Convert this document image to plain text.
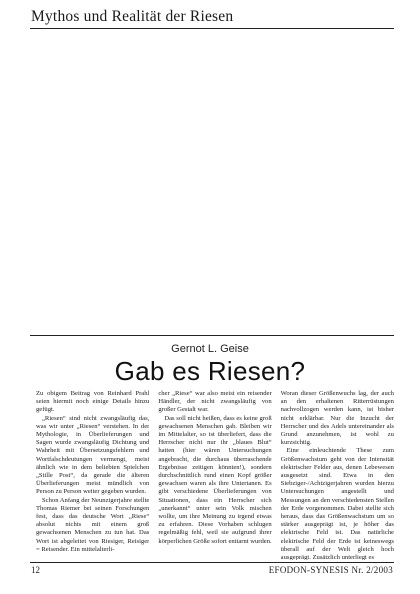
Mythos und Realität der Riesen
Gernot L. Geise
Gab es Riesen?

Zu obigem Beitrag von Reinhard Prahl seien hiermit noch einige Details hinzu gefügt.

„Riesen“ sind nicht zwangsläufig das, was wir unter „Riesen“ verstehen. In der Mythologie, in Überlieferungen und Sagen wurde zwangsläufig Dichtung und Wahrheit mit Übersetzungsfehlern und Wortfalschdeutungen vermengt, meist ähnlich wie in dem beliebten Spielchen „Stille Post“, da gerade die älteren Überlieferungen meist mündlich von Person zu Person weiter gegeben wurden.

Schon Anfang der Neunzigerjahre stellte Thomas Riemer bei seinen Forschungen fest, dass das deutsche Wort „Riese“ absolut nichts mit einem groß gewachsenen Menschen zu tun hat. Das Wort ist abgeleitet von Riesiger, Reisiger = Reisender. Ein mittelalterli-

cher „Riese“ war also meist ein reisender Händler, der nicht zwangsläufig von großer Gestalt war.

Das soll nicht heißen, dass es keine groß gewachsenen Menschen gab. Bleiben wir im Mittelalter, so ist überliefert, dass die Herrscher nicht nur ihr „blaues Blut“ hatten (hier wären Untersuchungen angebracht, die durchaus überraschende Ergebnisse zeitigen könnten!), sondern durchschnittlich rund einen Kopf größer gewachsen waren als ihre Untertanen. Es gibt verschiedene Überlieferungen von Situationen, dass ein Herrscher sich „unerkannt“ unter sein Volk mischen wollte, um ihre Meinung zu irgend etwas zu erfahren. Diese Vorhaben schlugen regelmäßig fehl, weil sie aufgrund ihrer körperlichen Größe sofort enttarnt wurden.

Woran dieser Größenwuchs lag, der auch an den erhaltenen Ritterrüstungen nachvollzogen werden kann, ist bisher nicht erklärbar. Nur die Inzucht der Herrscher und des Adels untereinander als Grund anzunehmen, ist wohl zu kurzsichtig.

Eine einleuchtende These zum Größenwachstum geht von der Intensität elektrischer Felder aus, denen Lebewesen ausgesetzt sind. Etwa in den Siebziger-/Achtzigerjahren wurden hierzu Untersuchungen angestellt und Messungen an den verschiedensten Stellen der Erde vorgenommen. Dabei stellte sich heraus, dass das Größenwachstum um so stärker ausgeprägt ist, je höher das elektrische Feld ist. Das natürliche elektrische Feld der Erde ist keineswegs überall auf der Welt gleich hoch ausgeprägt. Zusätzlich unterliegt es

12	EFODON-SYNESIS Nr. 2/2003
